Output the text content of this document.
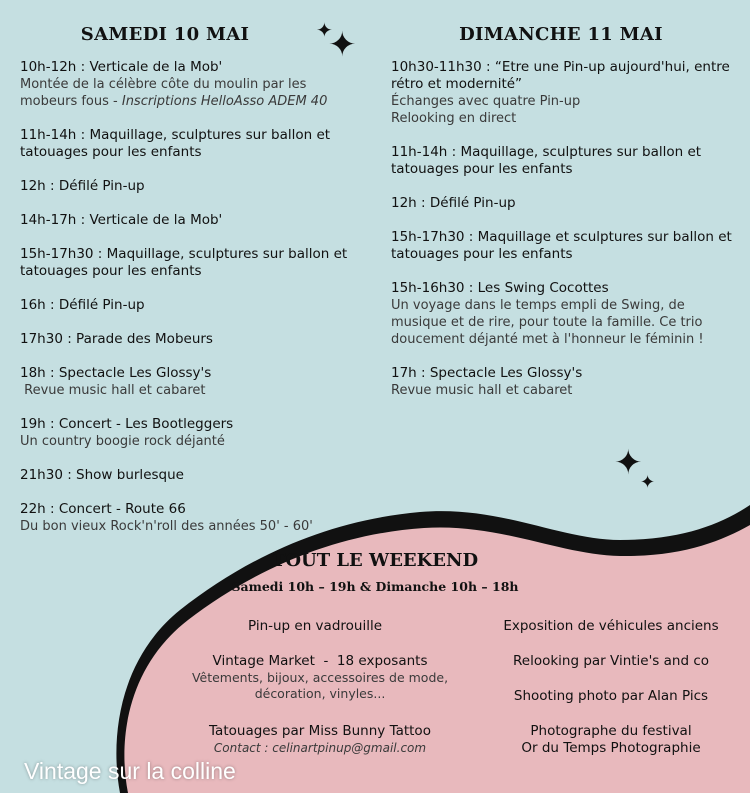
✦
✦
✦
✦
SAMEDI 10 MAI
10h-12h : Verticale de la Mob'
Montée de la célèbre côte du moulin par les mobeurs fous - Inscriptions HelloAsso ADEM 40
11h-14h : Maquillage, sculptures sur ballon et tatouages pour les enfants
12h : Défilé Pin-up
14h-17h : Verticale de la Mob'
15h-17h30 : Maquillage, sculptures sur ballon et tatouages pour les enfants
16h : Défilé Pin-up
17h30 : Parade des Mobeurs
18h : Spectacle Les Glossy's
Revue music hall et cabaret
19h : Concert - Les Bootleggers
Un country boogie rock déjanté
21h30 : Show burlesque
22h : Concert - Route 66
Du bon vieux Rock'n'roll des années 50' - 60'
DIMANCHE 11 MAI
10h30-11h30 : “Etre une Pin-up aujourd'hui, entre rétro et modernité”
Échanges avec quatre Pin-up
Relooking en direct
11h-14h : Maquillage, sculptures sur ballon et tatouages pour les enfants
12h : Défilé Pin-up
15h-17h30 : Maquillage et sculptures sur ballon et tatouages pour les enfants
15h-16h30 : Les Swing Cocottes
Un voyage dans le temps empli de Swing, de musique et de rire, pour toute la famille. Ce trio doucement déjanté met à l'honneur le féminin !
17h : Spectacle Les Glossy's
Revue music hall et cabaret
TOUT LE WEEKEND
Samedi 10h – 19h & Dimanche 10h – 18h
Pin-up en vadrouille
Vintage Market  -  18 exposants
Vêtements, bijoux, accessoires de mode, décoration, vinyles...
Tatouages par Miss Bunny Tattoo
Contact : celinartpinup@gmail.com
Exposition de véhicules anciens
Relooking par Vintie's and co
Shooting photo par Alan Pics
Photographe du festival
Or du Temps Photographie
Vintage sur la colline
